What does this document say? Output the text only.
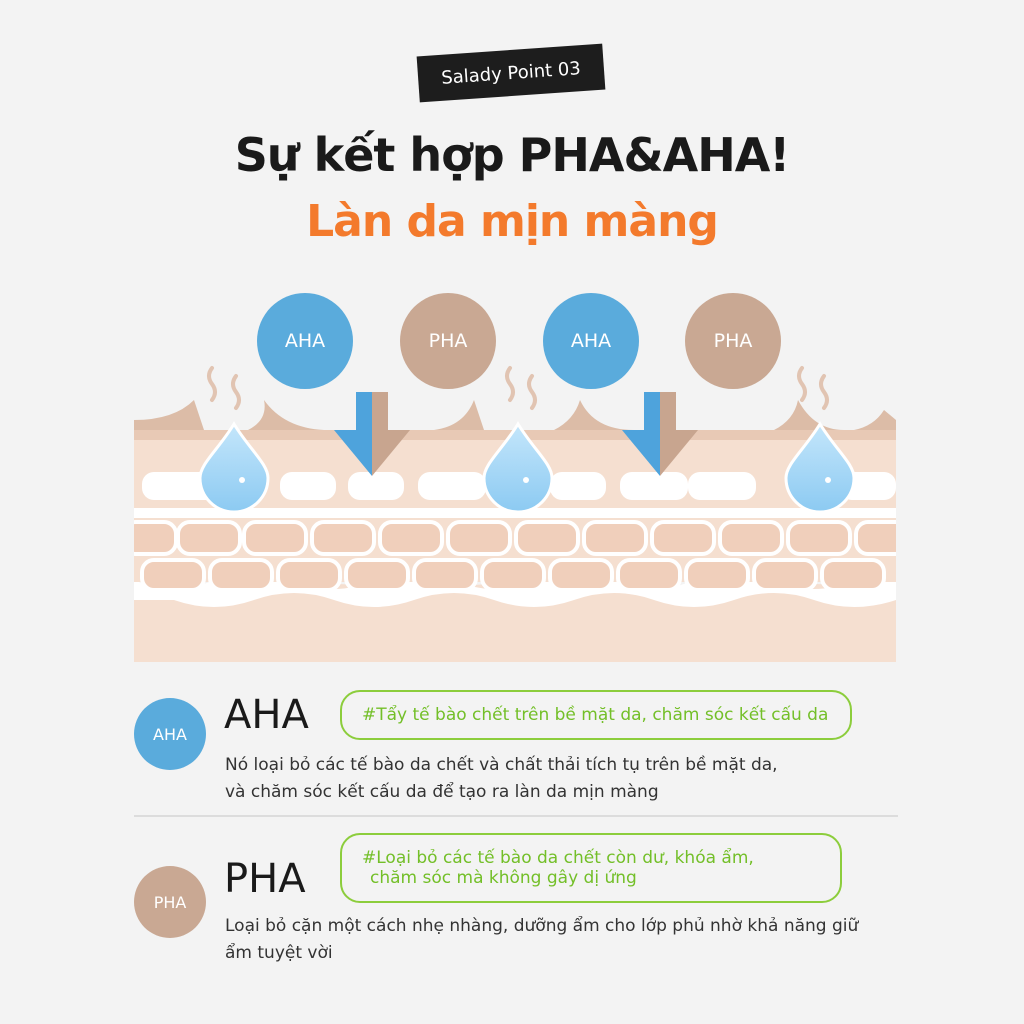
Salady Point 03
Sự kết hợp PHA&AHA!
Làn da mịn màng
AHA	PHA	AHA	PHA
AHA AHA	#Tẩy tế bào chết trên bề mặt da, chăm sóc kết cấu da
Nó loại bỏ các tế bào da chết và chất thải tích tụ trên bề mặt da,
và chăm sóc kết cấu da để tạo ra làn da mịn màng
PHA PHA	#Loại bỏ các tế bào da chết còn dư, khóa ẩm,
chăm sóc mà không gây dị ứng
Loại bỏ cặn một cách nhẹ nhàng, dưỡng ẩm cho lớp phủ nhờ khả năng giữ
ẩm tuyệt vời
